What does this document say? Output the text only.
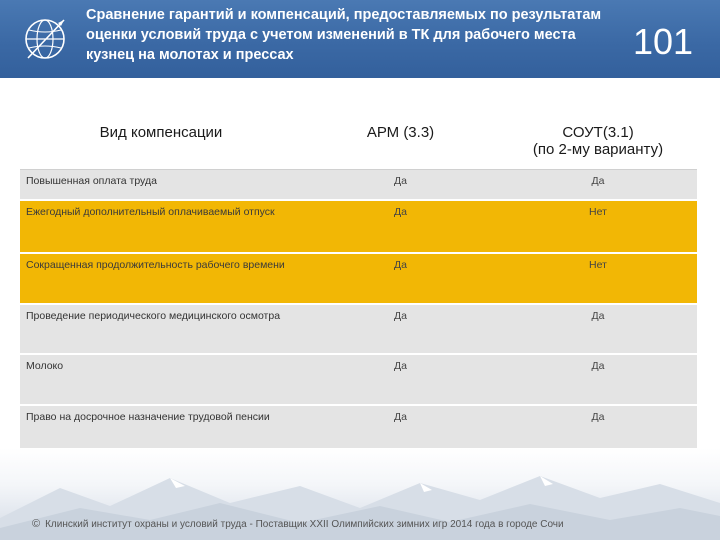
Сравнение гарантий и компенсаций, предоставляемых по результатам оценки условий труда с учетом изменений в ТК для рабочего места кузнец на молотах и прессах	101
Вид компенсации	АРМ (3.3)	СОУТ(3.1)
(по 2-му варианту)
Повышенная оплата труда	Да	Да
Ежегодный дополнительный оплачиваемый отпуск	Да	Нет
Сокращенная продолжительность рабочего времени	Да	Нет
Проведение периодического медицинского осмотра	Да	Да
Молоко	Да	Да
Право на досрочное назначение трудовой пенсии	Да	Да
© Клинский институт охраны и условий труда - Поставщик XXII Олимпийских зимних игр 2014 года в городе Сочи
